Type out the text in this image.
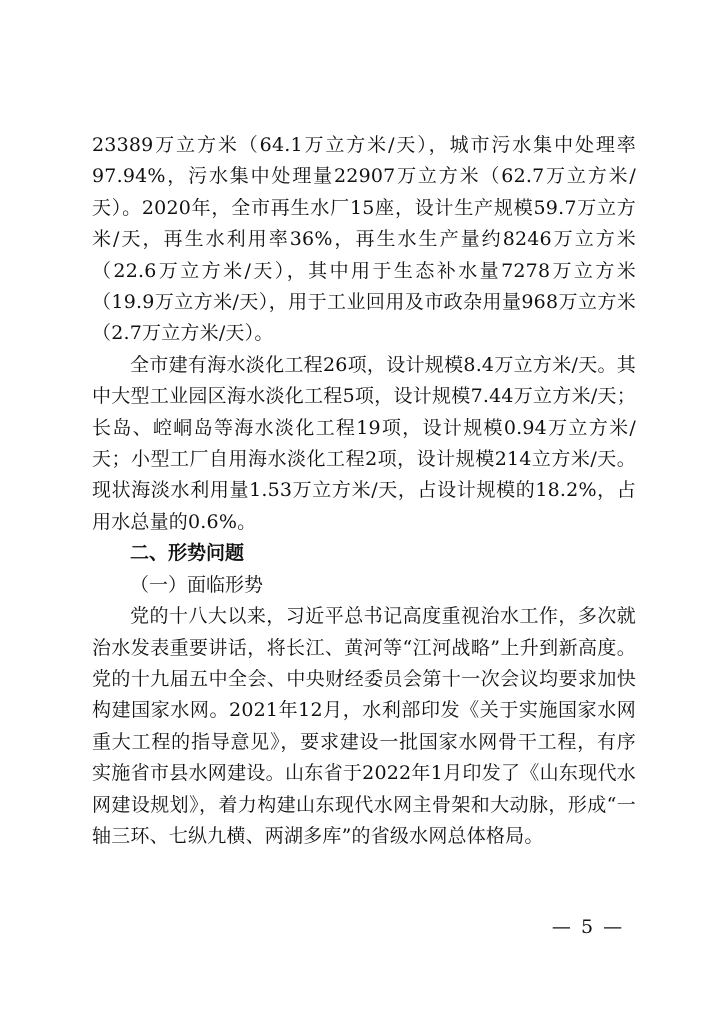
23389万立方米（64.1万立方米/天），城市污水集中处理率97.94%，污水集中处理量22907万立方米（62.7万立方米/天）。2020年，全市再生水厂15座，设计生产规模59.7万立方米/天，再生水利用率36%，再生水生产量约8246万立方米（22.6万立方米/天），其中用于生态补水量7278万立方米（19.9万立方米/天），用于工业回用及市政杂用量968万立方米（2.7万立方米/天）。

全市建有海水淡化工程26项，设计规模8.4万立方米/天。其中大型工业园区海水淡化工程5项，设计规模7.44万立方米/天；长岛、崆峒岛等海水淡化工程19项，设计规模0.94万立方米/天；小型工厂自用海水淡化工程2项，设计规模214立方米/天。现状海淡水利用量1.53万立方米/天，占设计规模的18.2%，占用水总量的0.6%。

二、形势问题

（一）面临形势

党的十八大以来，习近平总书记高度重视治水工作，多次就治水发表重要讲话，将长江、黄河等“江河战略”上升到新高度。党的十九届五中全会、中央财经委员会第十一次会议均要求加快构建国家水网。2021年12月，水利部印发《关于实施国家水网重大工程的指导意见》，要求建设一批国家水网骨干工程，有序实施省市县水网建设。山东省于2022年1月印发了《山东现代水网建设规划》，着力构建山东现代水网主骨架和大动脉，形成“一轴三环、七纵九横、两湖多库”的省级水网总体格局。

— 5 —
